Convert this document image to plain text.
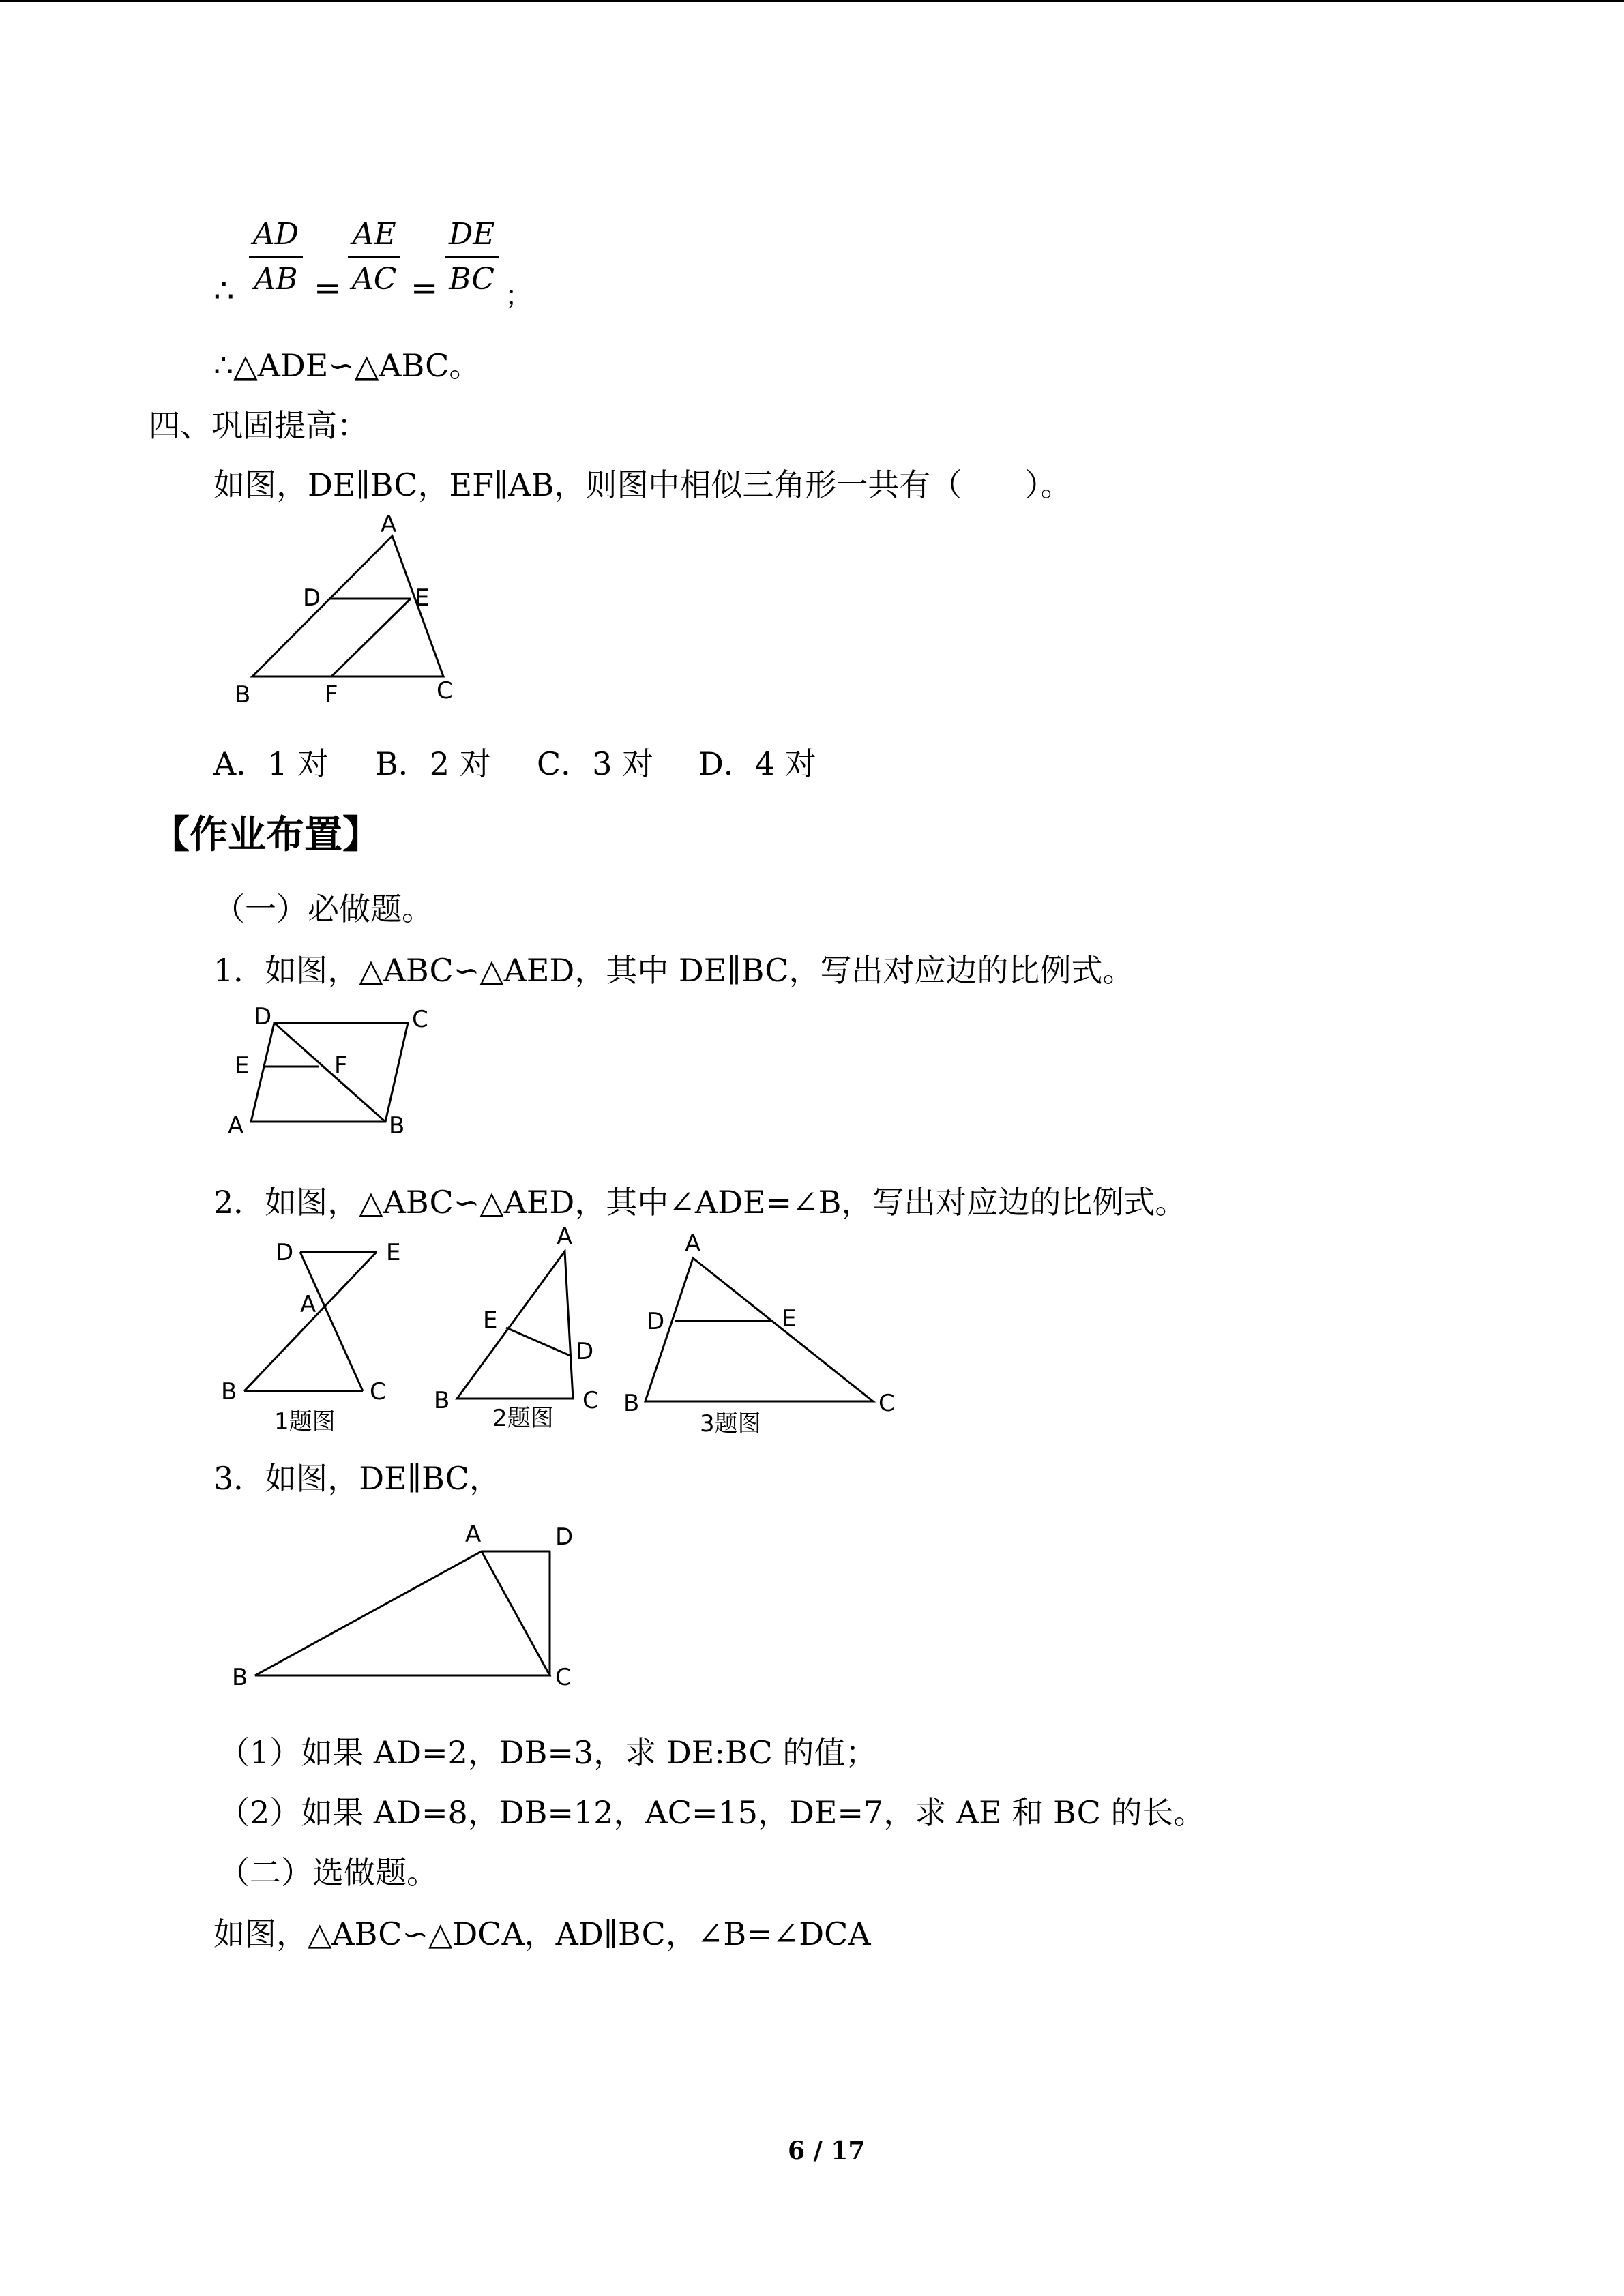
∴ $\frac{AD}{AB} = \frac{AE}{AC} = \frac{DE}{BC}$ ；
∴△ADE∽△ABC。
四、巩固提高：
如图，DE∥BC，EF∥AB，则图中相似三角形一共有（　　）。
A
D	E
B	F	C
A．1 对 B．2 对 C．3 对 D．4 对
【作业布置】
（一）必做题。
1．如图，△ABC∽△AED，其中 DE∥BC，写出对应边的比例式。
D	C
E	F
A	B
2．如图，△ABC∽△AED，其中∠ADE=∠B，写出对应边的比例式。
D	E
A
B	C
1题图
A
E
D
B	C
2题图
A
D	E
B	C
3题图
3．如图，DE∥BC，
A	D
B	C
（1）如果 AD=2，DB=3，求 DE:BC 的值；
（2）如果 AD=8，DB=12，AC=15，DE=7，求 AE 和 BC 的长。
（二）选做题。
如图，△ABC∽△DCA，AD∥BC，∠B=∠DCA
6 / 17
